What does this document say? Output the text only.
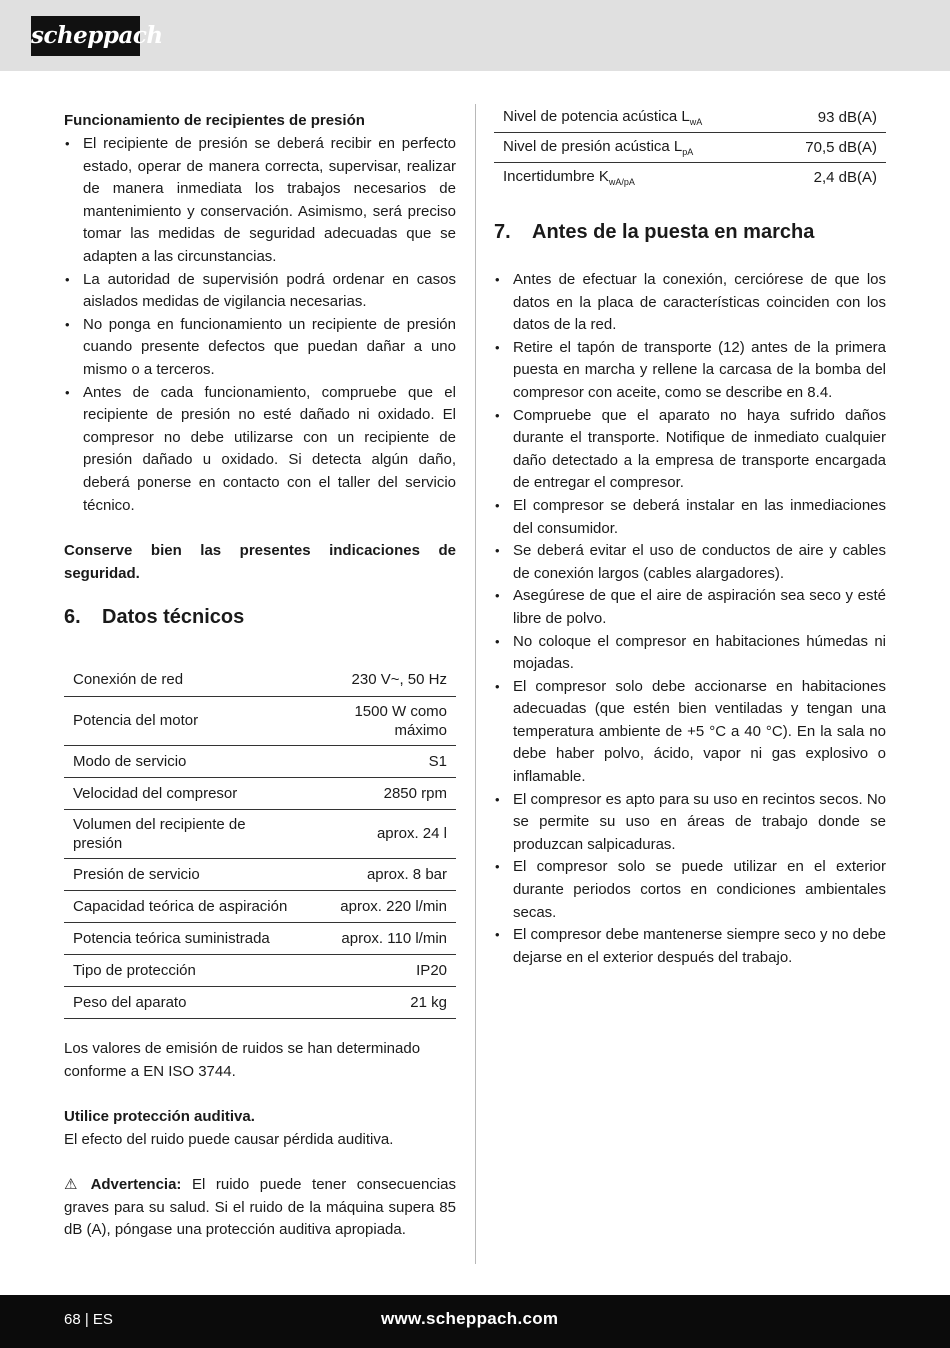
scheppach

Funcionamiento de recipientes de presión

• El recipiente de presión se deberá recibir en perfecto estado, operar de manera correcta, supervisar, realizar de manera inmediata los trabajos necesarios de mantenimiento y conservación. Asimismo, será preciso tomar las medidas de seguridad adecuadas que se adapten a las circunstancias.
• La autoridad de supervisión podrá ordenar en casos aislados medidas de vigilancia necesarias.
• No ponga en funcionamiento un recipiente de presión cuando presente defectos que puedan dañar a uno mismo o a terceros.
• Antes de cada funcionamiento, compruebe que el recipiente de presión no esté dañado ni oxidado. El compresor no debe utilizarse con un recipiente de presión dañado u oxidado. Si detecta algún daño, deberá ponerse en contacto con el taller del servicio técnico.

Conserve bien las presentes indicaciones de seguridad.

6. Datos técnicos
Conexión de red	230 V~, 50 Hz
Potencia del motor	1500 W como máximo
Modo de servicio	S1
Velocidad del compresor	2850 rpm
Volumen del recipiente de presión	aprox. 24 l
Presión de servicio	aprox. 8 bar
Capacidad teórica de aspiración	aprox. 220 l/min
Potencia teórica suministrada	aprox. 110 l/min
Tipo de protección	IP20
Peso del aparato	21 kg

Los valores de emisión de ruidos se han determinado conforme a EN ISO 3744.

Utilice protección auditiva.

El efecto del ruido puede causar pérdida auditiva.

⚠ Advertencia: El ruido puede tener consecuencias graves para su salud. Si el ruido de la máquina supera 85 dB (A), póngase una protección auditiva apropiada.

Nivel de potencia acústica $L_{wA}$	93 dB(A)
Nivel de presión acústica $L_{pA}$	70,5 dB(A)
Incertidumbre $K_{wA/pA}$	2,4 dB(A)
7. Antes de la puesta en marcha
• Antes de efectuar la conexión, cerciórese de que los datos en la placa de características coinciden con los datos de la red.
• Retire el tapón de transporte (12) antes de la primera puesta en marcha y rellene la carcasa de la bomba del compresor con aceite, como se describe en 8.4.
• Compruebe que el aparato no haya sufrido daños durante el transporte. Notifique de inmediato cualquier daño detectado a la empresa de transporte encargada de entregar el compresor.
• El compresor se deberá instalar en las inmediaciones del consumidor.
• Se deberá evitar el uso de conductos de aire y cables de conexión largos (cables alargadores).
• Asegúrese de que el aire de aspiración sea seco y esté libre de polvo.
• No coloque el compresor en habitaciones húmedas ni mojadas.
• El compresor solo debe accionarse en habitaciones adecuadas (que estén bien ventiladas y tengan una temperatura ambiente de +5 °C a 40 °C). En la sala no debe haber polvo, ácido, vapor ni gas explosivo o inflamable.
• El compresor es apto para su uso en recintos secos. No se permite su uso en áreas de trabajo donde se produzcan salpicaduras.
• El compresor solo se puede utilizar en el exterior durante periodos cortos en condiciones ambientales secas.
• El compresor debe mantenerse siempre seco y no debe dejarse en el exterior después del trabajo.
68 | ES	www.scheppach.com
